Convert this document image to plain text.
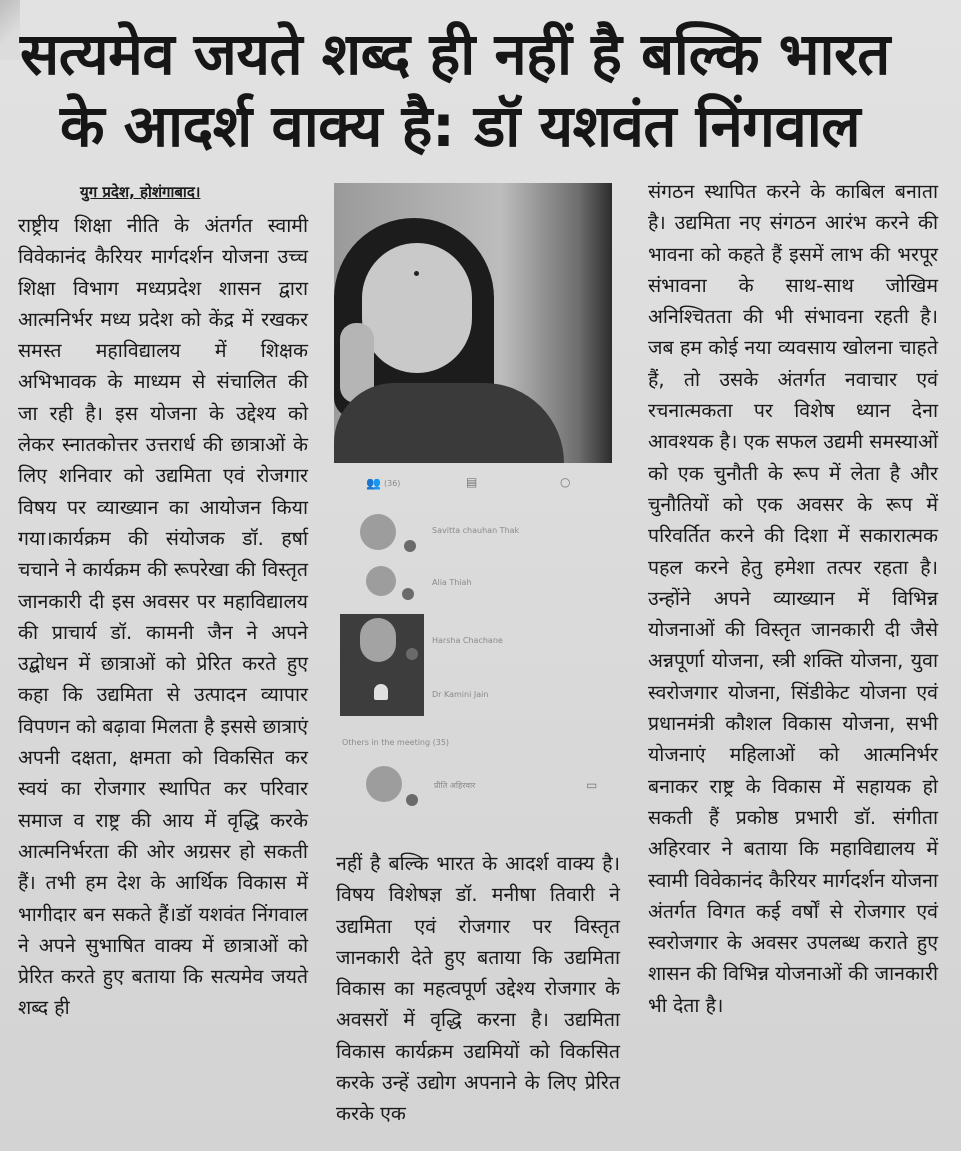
सत्यमेव जयते शब्द ही नहीं है बल्कि भारत
के आदर्श वाक्य है: डॉ यशवंत निंगवाल
युग प्रदेश, होशंगाबाद।

राष्ट्रीय शिक्षा नीति के अंतर्गत स्वामी विवेकानंद कैरियर मार्गदर्शन योजना उच्च शिक्षा विभाग मध्यप्रदेश शासन द्वारा आत्मनिर्भर मध्य प्रदेश को केंद्र में रखकर समस्त महाविद्यालय में शिक्षक अभिभावक के माध्यम से संचालित की जा रही है। इस योजना के उद्देश्य को लेकर स्नातकोत्तर उत्तरार्ध की छात्राओं के लिए शनिवार को उद्यमिता एवं रोजगार विषय पर व्याख्यान का आयोजन किया गया।कार्यक्रम की संयोजक डॉ. हर्षा चचाने ने कार्यक्रम की रूपरेखा की विस्तृत जानकारी दी इस अवसर पर महाविद्यालय की प्राचार्य डॉ. कामनी जैन ने अपने उद्बोधन में छात्राओं को प्रेरित करते हुए कहा कि उद्यमिता से उत्पादन व्यापार विपणन को बढ़ावा मिलता है इससे छात्राएं अपनी दक्षता, क्षमता को विकसित कर स्वयं का रोजगार स्थापित कर परिवार समाज व राष्ट्र की आय में वृद्धि करके आत्मनिर्भरता की ओर अग्रसर हो सकती हैं। तभी हम देश के आर्थिक विकास में भागीदार बन सकते हैं।डॉ यशवंत निंगवाल ने अपने सुभाषित वाक्य में छात्राओं को प्रेरित करते हुए बताया कि सत्यमेव जयते शब्द ही

👥 (36)	▤	○
Savitta chauhan Thak
Alia Thiah
Harsha Chachane
Dr Kamini Jain
Others in the meeting (35)
प्रीति अहिरवार	▭

नहीं है बल्कि भारत के आदर्श वाक्य है।विषय विशेषज्ञ डॉ. मनीषा तिवारी ने उद्यमिता एवं रोजगार पर विस्तृत जानकारी देते हुए बताया कि उद्यमिता विकास का महत्वपूर्ण उद्देश्य रोजगार के अवसरों में वृद्धि करना है। उद्यमिता विकास कार्यक्रम उद्यमियों को विकसित करके उन्हें उद्योग अपनाने के लिए प्रेरित करके एक

संगठन स्थापित करने के काबिल बनाता है। उद्यमिता नए संगठन आरंभ करने की भावना को कहते हैं इसमें लाभ की भरपूर संभावना के साथ-साथ जोखिम अनिश्चितता की भी संभावना रहती है। जब हम कोई नया व्यवसाय खोलना चाहते हैं, तो उसके अंतर्गत नवाचार एवं रचनात्मकता पर विशेष ध्यान देना आवश्यक है। एक सफल उद्यमी समस्याओं को एक चुनौती के रूप में लेता है और चुनौतियों को एक अवसर के रूप में परिवर्तित करने की दिशा में सकारात्मक पहल करने हेतु हमेशा तत्पर रहता है। उन्होंने अपने व्याख्यान में विभिन्न योजनाओं की विस्तृत जानकारी दी जैसे अन्नपूर्णा योजना, स्त्री शक्ति योजना, युवा स्वरोजगार योजना, सिंडीकेट योजना एवं प्रधानमंत्री कौशल विकास योजना, सभी योजनाएं महिलाओं को आत्मनिर्भर बनाकर राष्ट्र के विकास में सहायक हो सकती हैं प्रकोष्ठ प्रभारी डॉ. संगीता अहिरवार ने बताया कि महाविद्यालय में स्वामी विवेकानंद कैरियर मार्गदर्शन योजना अंतर्गत विगत कई वर्षों से रोजगार एवं स्वरोजगार के अवसर उपलब्ध कराते हुए शासन की विभिन्न योजनाओं की जानकारी भी देता है।
